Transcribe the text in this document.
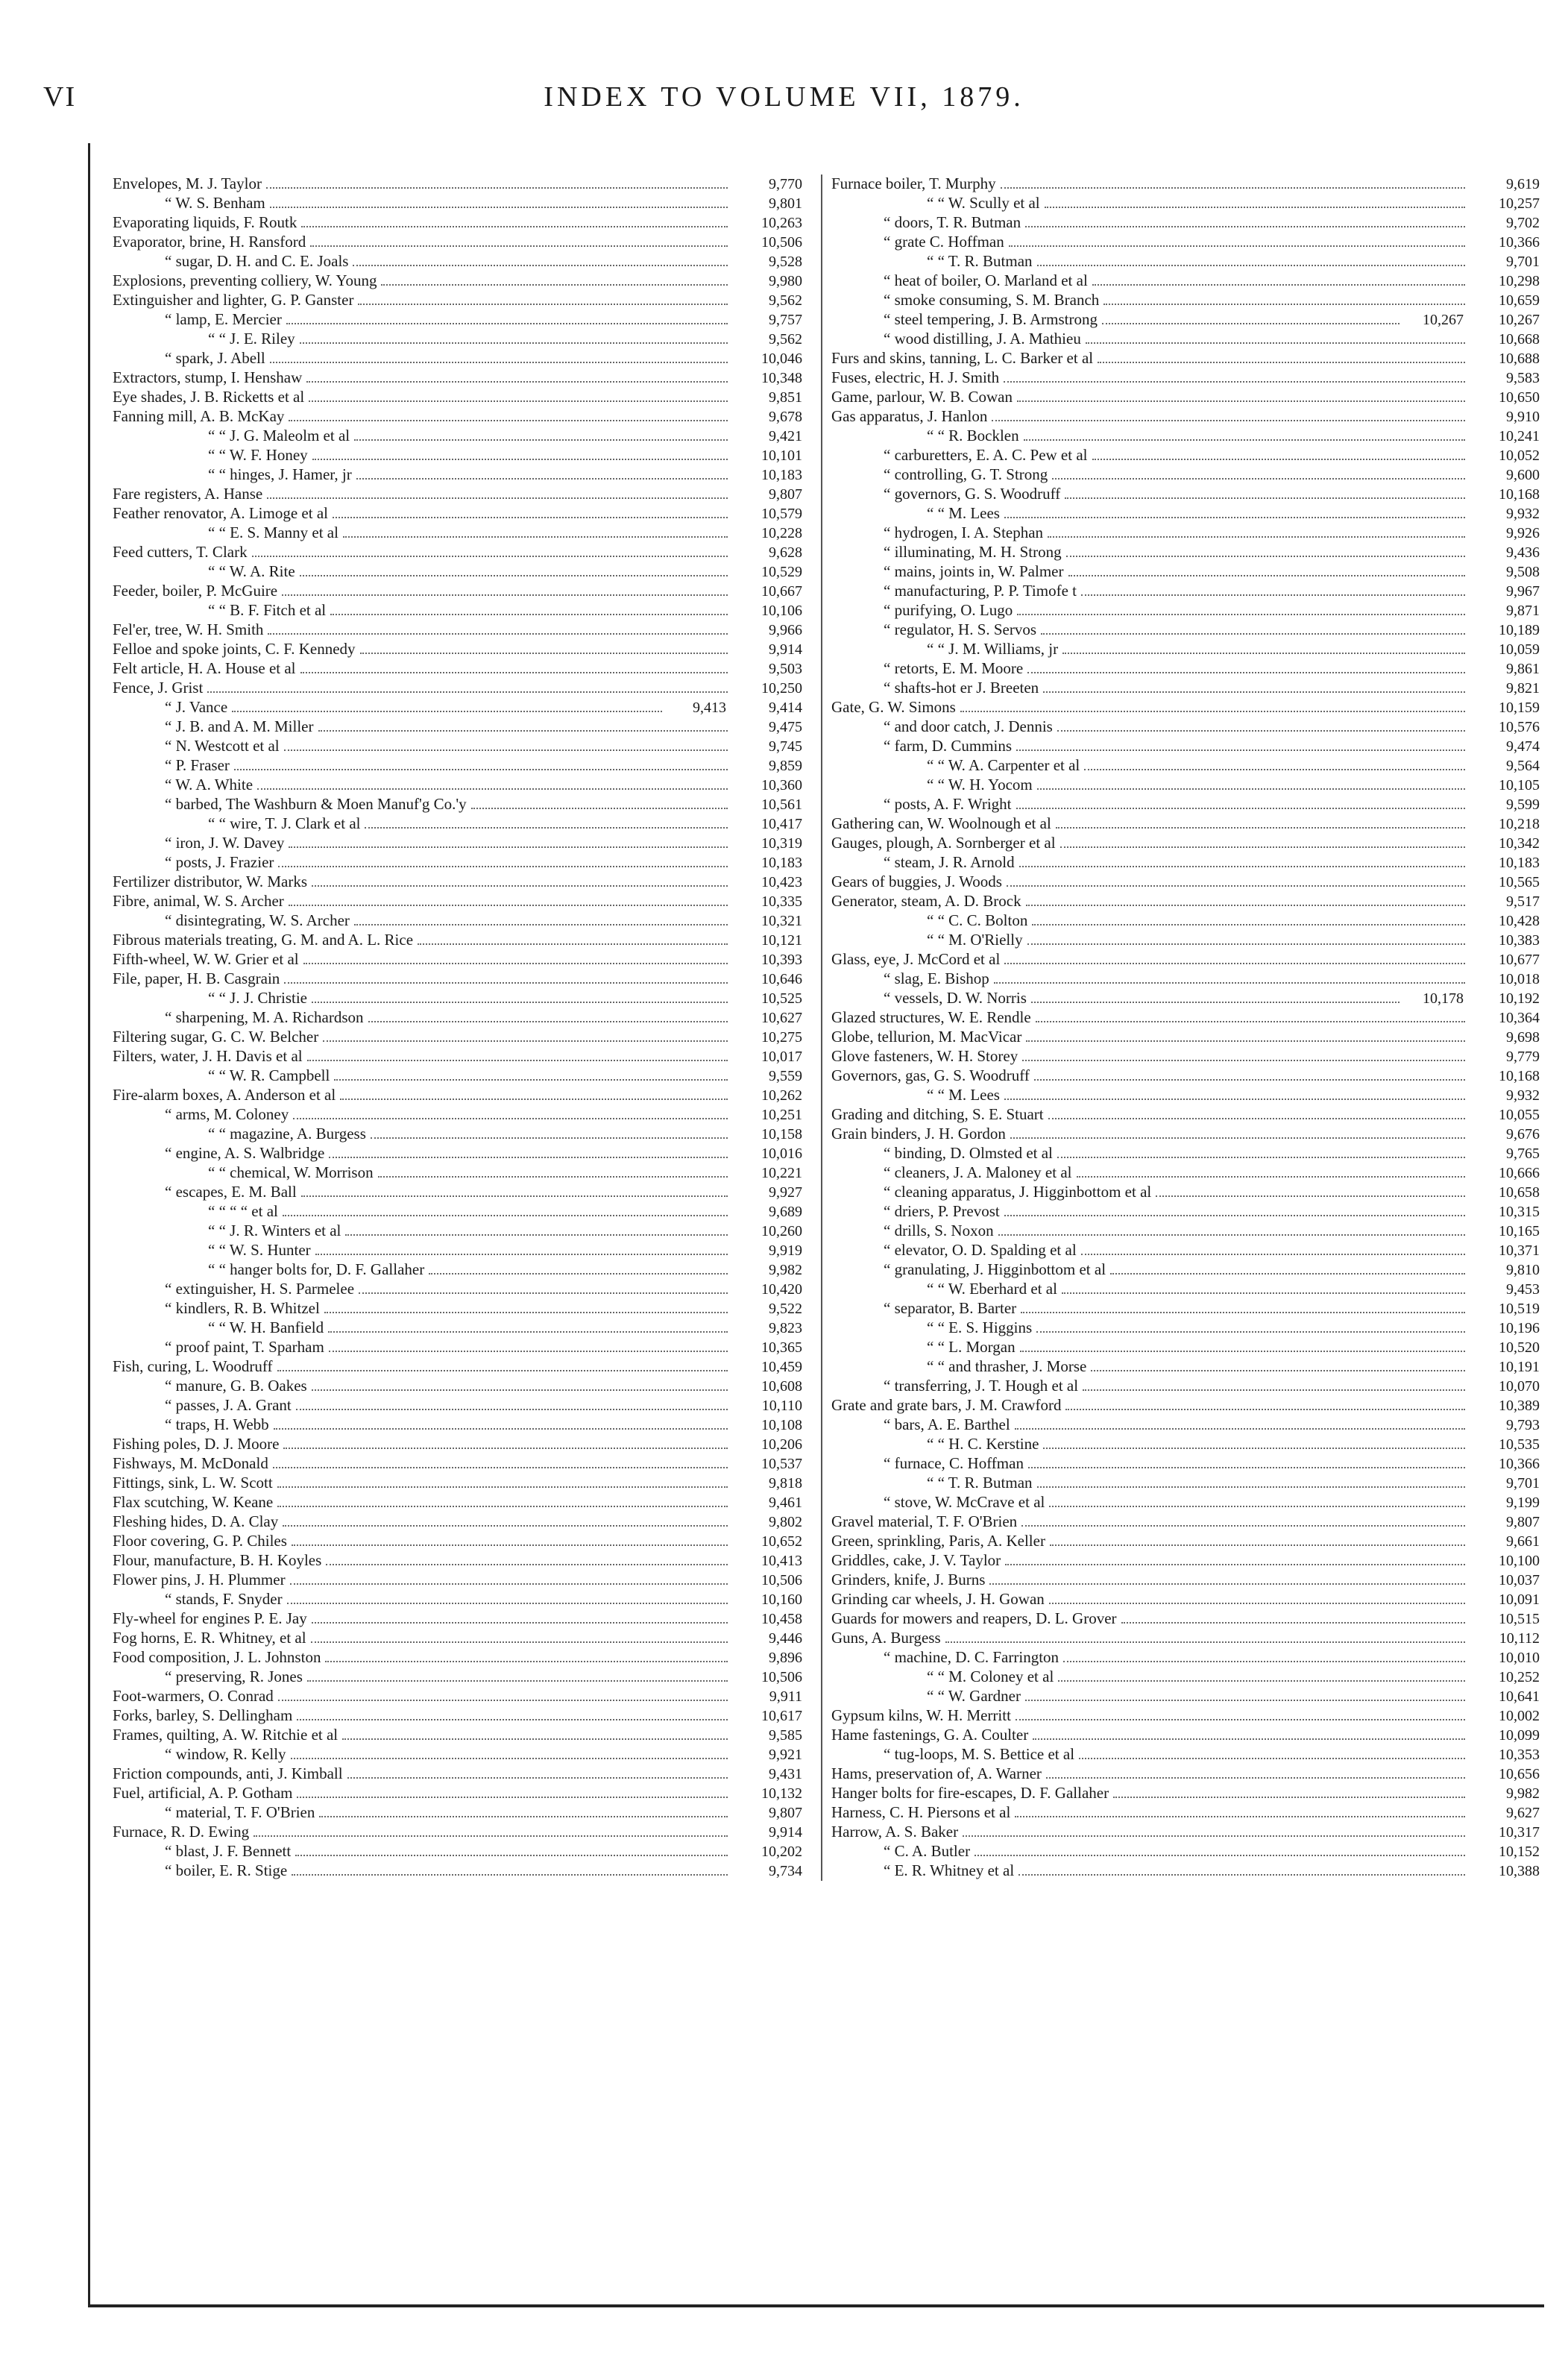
VI	INDEX TO VOLUME VII, 1879.
Envelopes, M. J. Taylor	9,770
“ W. S. Benham	9,801
Evaporating liquids, F. Routk	10,263
Evaporator, brine, H. Ransford	10,506
“ sugar, D. H. and C. E. Joals	9,528
Explosions, preventing colliery, W. Young	9,980
Extinguisher and lighter, G. P. Ganster	9,562
“ lamp, E. Mercier	9,757
“ “ J. E. Riley	9,562
“ spark, J. Abell	10,046
Extractors, stump, I. Henshaw	10,348
Eye shades, J. B. Ricketts et al	9,851
Fanning mill, A. B. McKay	9,678
“ “ J. G. Maleolm et al	9,421
“ “ W. F. Honey	10,101
“ “ hinges, J. Hamer, jr	10,183
Fare registers, A. Hanse	9,807
Feather renovator, A. Limoge et al	10,579
“ “ E. S. Manny et al	10,228
Feed cutters, T. Clark	9,628
“ “ W. A. Rite	10,529
Feeder, boiler, P. McGuire	10,667
“ “ B. F. Fitch et al	10,106
Fel'er, tree, W. H. Smith	9,966
Felloe and spoke joints, C. F. Kennedy	9,914
Felt article, H. A. House et al	9,503
Fence, J. Grist	10,250
“ J. Vance	9,413	9,414
“ J. B. and A. M. Miller	9,475
“ N. Westcott et al	9,745
“ P. Fraser	9,859
“ W. A. White	10,360
“ barbed, The Washburn & Moen Manuf'g Co.'y	10,561
“ “ wire, T. J. Clark et al	10,417
“ iron, J. W. Davey	10,319
“ posts, J. Frazier	10,183
Fertilizer distributor, W. Marks	10,423
Fibre, animal, W. S. Archer	10,335
“ disintegrating, W. S. Archer	10,321
Fibrous materials treating, G. M. and A. L. Rice	10,121
Fifth-wheel, W. W. Grier et al	10,393
File, paper, H. B. Casgrain	10,646
“ “ J. J. Christie	10,525
“ sharpening, M. A. Richardson	10,627
Filtering sugar, G. C. W. Belcher	10,275
Filters, water, J. H. Davis et al	10,017
“ “ W. R. Campbell	9,559
Fire-alarm boxes, A. Anderson et al	10,262
“ arms, M. Coloney	10,251
“ “ magazine, A. Burgess	10,158
“ engine, A. S. Walbridge	10,016
“ “ chemical, W. Morrison	10,221
“ escapes, E. M. Ball	9,927
“ “ “ “ et al	9,689
“ “ J. R. Winters et al	10,260
“ “ W. S. Hunter	9,919
“ “ hanger bolts for, D. F. Gallaher	9,982
“ extinguisher, H. S. Parmelee	10,420
“ kindlers, R. B. Whitzel	9,522
“ “ W. H. Banfield	9,823
“ proof paint, T. Sparham	10,365
Fish, curing, L. Woodruff	10,459
“ manure, G. B. Oakes	10,608
“ passes, J. A. Grant	10,110
“ traps, H. Webb	10,108
Fishing poles, D. J. Moore	10,206
Fishways, M. McDonald	10,537
Fittings, sink, L. W. Scott	9,818
Flax scutching, W. Keane	9,461
Fleshing hides, D. A. Clay	9,802
Floor covering, G. P. Chiles	10,652
Flour, manufacture, B. H. Koyles	10,413
Flower pins, J. H. Plummer	10,506
“ stands, F. Snyder	10,160
Fly-wheel for engines P. E. Jay	10,458
Fog horns, E. R. Whitney, et al	9,446
Food composition, J. L. Johnston	9,896
“ preserving, R. Jones	10,506
Foot-warmers, O. Conrad	9,911
Forks, barley, S. Dellingham	10,617
Frames, quilting, A. W. Ritchie et al	9,585
“ window, R. Kelly	9,921
Friction compounds, anti, J. Kimball	9,431
Fuel, artificial, A. P. Gotham	10,132
“ material, T. F. O'Brien	9,807
Furnace, R. D. Ewing	9,914
“ blast, J. F. Bennett	10,202
“ boiler, E. R. Stige	9,734
Furnace boiler, T. Murphy	9,619
“ “ W. Scully et al	10,257
“ doors, T. R. Butman	9,702
“ grate C. Hoffman	10,366
“ “ T. R. Butman	9,701
“ heat of boiler, O. Marland et al	10,298
“ smoke consuming, S. M. Branch	10,659
“ steel tempering, J. B. Armstrong	10,267	10,267
“ wood distilling, J. A. Mathieu	10,668
Furs and skins, tanning, L. C. Barker et al	10,688
Fuses, electric, H. J. Smith	9,583
Game, parlour, W. B. Cowan	10,650
Gas apparatus, J. Hanlon	9,910
“ “ R. Bocklen	10,241
“ carburetters, E. A. C. Pew et al	10,052
“ controlling, G. T. Strong	9,600
“ governors, G. S. Woodruff	10,168
“ “ M. Lees	9,932
“ hydrogen, I. A. Stephan	9,926
“ illuminating, M. H. Strong	9,436
“ mains, joints in, W. Palmer	9,508
“ manufacturing, P. P. Timofe t	9,967
“ purifying, O. Lugo	9,871
“ regulator, H. S. Servos	10,189
“ “ J. M. Williams, jr	10,059
“ retorts, E. M. Moore	9,861
“ shafts-hot er J. Breeten	9,821
Gate, G. W. Simons	10,159
“ and door catch, J. Dennis	10,576
“ farm, D. Cummins	9,474
“ “ W. A. Carpenter et al	9,564
“ “ W. H. Yocom	10,105
“ posts, A. F. Wright	9,599
Gathering can, W. Woolnough et al	10,218
Gauges, plough, A. Sornberger et al	10,342
“ steam, J. R. Arnold	10,183
Gears of buggies, J. Woods	10,565
Generator, steam, A. D. Brock	9,517
“ “ C. C. Bolton	10,428
“ “ M. O'Rielly	10,383
Glass, eye, J. McCord et al	10,677
“ slag, E. Bishop	10,018
“ vessels, D. W. Norris	10,178	10,192
Glazed structures, W. E. Rendle	10,364
Globe, tellurion, M. MacVicar	9,698
Glove fasteners, W. H. Storey	9,779
Governors, gas, G. S. Woodruff	10,168
“ “ M. Lees	9,932
Grading and ditching, S. E. Stuart	10,055
Grain binders, J. H. Gordon	9,676
“ binding, D. Olmsted et al	9,765
“ cleaners, J. A. Maloney et al	10,666
“ cleaning apparatus, J. Higginbottom et al	10,658
“ driers, P. Prevost	10,315
“ drills, S. Noxon	10,165
“ elevator, O. D. Spalding et al	10,371
“ granulating, J. Higginbottom et al	9,810
“ “ W. Eberhard et al	9,453
“ separator, B. Barter	10,519
“ “ E. S. Higgins	10,196
“ “ L. Morgan	10,520
“ “ and thrasher, J. Morse	10,191
“ transferring, J. T. Hough et al	10,070
Grate and grate bars, J. M. Crawford	10,389
“ bars, A. E. Barthel	9,793
“ “ H. C. Kerstine	10,535
“ furnace, C. Hoffman	10,366
“ “ T. R. Butman	9,701
“ stove, W. McCrave et al	9,199
Gravel material, T. F. O'Brien	9,807
Green, sprinkling, Paris, A. Keller	9,661
Griddles, cake, J. V. Taylor	10,100
Grinders, knife, J. Burns	10,037
Grinding car wheels, J. H. Gowan	10,091
Guards for mowers and reapers, D. L. Grover	10,515
Guns, A. Burgess	10,112
“ machine, D. C. Farrington	10,010
“ “ M. Coloney et al	10,252
“ “ W. Gardner	10,641
Gypsum kilns, W. H. Merritt	10,002
Hame fastenings, G. A. Coulter	10,099
“ tug-loops, M. S. Bettice et al	10,353
Hams, preservation of, A. Warner	10,656
Hanger bolts for fire-escapes, D. F. Gallaher	9,982
Harness, C. H. Piersons et al	9,627
Harrow, A. S. Baker	10,317
“ C. A. Butler	10,152
“ E. R. Whitney et al	10,388
